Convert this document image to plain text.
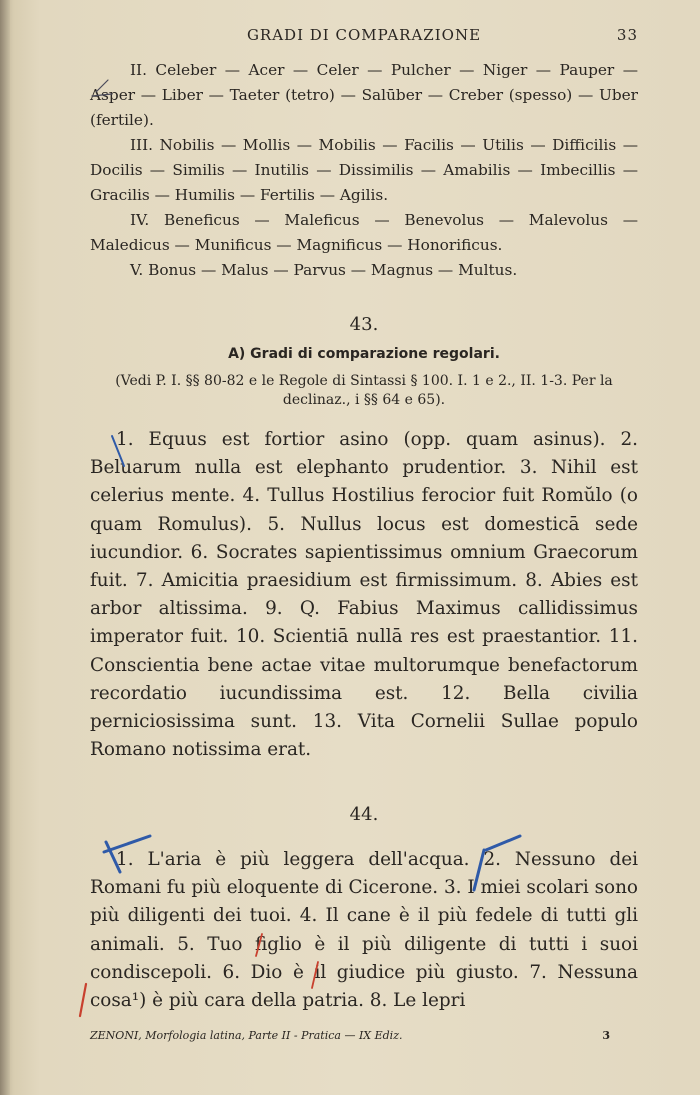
GRADI DI COMPARAZIONE	33

II. Celeber — Acer — Celer — Pulcher — Niger — Pauper — Asper — Liber — Taeter (tetro) — Salūber — Creber (spesso) — Uber (fertile).

III. Nobilis — Mollis — Mobilis — Facilis — Utilis — Difficilis — Docilis — Similis — Inutilis — Dissimilis — Amabilis — Imbecillis — Gracilis — Humilis — Fertilis — Agilis.

IV. Beneficus — Maleficus — Benevolus — Malevolus — Maledicus — Munificus — Magnificus — Honorificus.

V. Bonus — Malus — Parvus — Magnus — Multus.

43.
A) Gradi di comparazione regolari.
(Vedi P. I. §§ 80-82 e le Regole di Sintassi § 100. I. 1 e 2., II. 1-3. Per la declinaz., i §§ 64 e 65).

1. Equus est fortior asino (opp. quam asinus). 2. Beluarum nulla est elephanto prudentior. 3. Nihil est celerius mente. 4. Tullus Hostilius ferocior fuit Romŭlo (o quam Romulus). 5. Nullus locus est domesticā sede iucundior. 6. Socrates sapientissimus omnium Graecorum fuit. 7. Amicitia praesidium est firmissimum. 8. Abies est arbor altissima. 9. Q. Fabius Maximus callidissimus imperator fuit. 10. Scientiā nullā res est praestantior. 11. Conscientia bene actae vitae multorumque benefactorum recordatio iucundissima est. 12. Bella civilia perniciosissima sunt. 13. Vita Cornelii Sullae populo Romano notissima erat.

44.

1. L'aria è più leggera dell'acqua. 2. Nessuno dei Romani fu più eloquente di Cicerone. 3. I miei scolari sono più diligenti dei tuoi. 4. Il cane è il più fedele di tutti gli animali. 5. Tuo figlio è il più diligente di tutti i suoi condiscepoli. 6. Dio è il giudice più giusto. 7. Nessuna cosa¹) è più cara della patria. 8. Le lepri

ZENONI, Morfologia latina, Parte II - Pratica — IX Ediz.	3
